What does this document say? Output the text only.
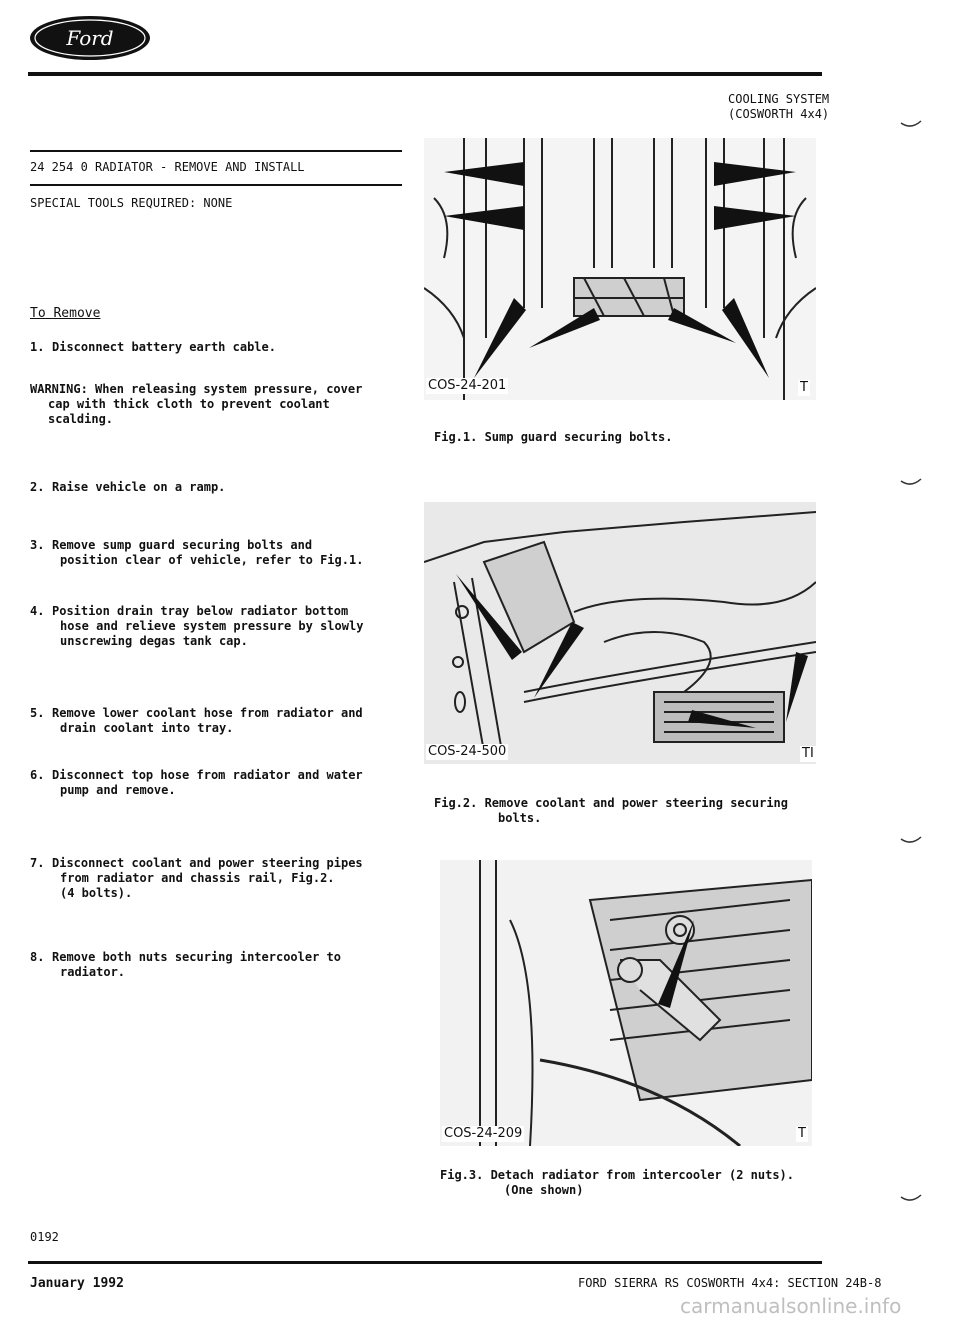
Ford
COOLING SYSTEM
(COSWORTH 4x4)
24 254 0 RADIATOR - REMOVE AND INSTALL
SPECIAL TOOLS REQUIRED: NONE
To Remove
1. Disconnect battery earth cable.
WARNING: When releasing system pressure, cover
cap with thick cloth to prevent coolant
scalding.
2. Raise vehicle on a ramp.
3. Remove sump guard securing bolts and
position clear of vehicle, refer to Fig.1.
4. Position drain tray below radiator bottom
hose and relieve system pressure by slowly
unscrewing degas tank cap.
5. Remove lower coolant hose from radiator and
drain coolant into tray.
6. Disconnect top hose from radiator and water
pump and remove.
7. Disconnect coolant and power steering pipes
from radiator and chassis rail, Fig.2.
(4 bolts).
8. Remove both nuts securing intercooler to
radiator.
COS-24-201	T
Fig.1. Sump guard securing bolts.
COS-24-500	TI
Fig.2. Remove coolant and power steering securing
bolts.
COS-24-209	T
Fig.3. Detach radiator from intercooler (2 nuts).
(One shown)
0192
January 1992	FORD SIERRA RS COSWORTH 4x4: SECTION 24B-8
carmanualsonline.info
